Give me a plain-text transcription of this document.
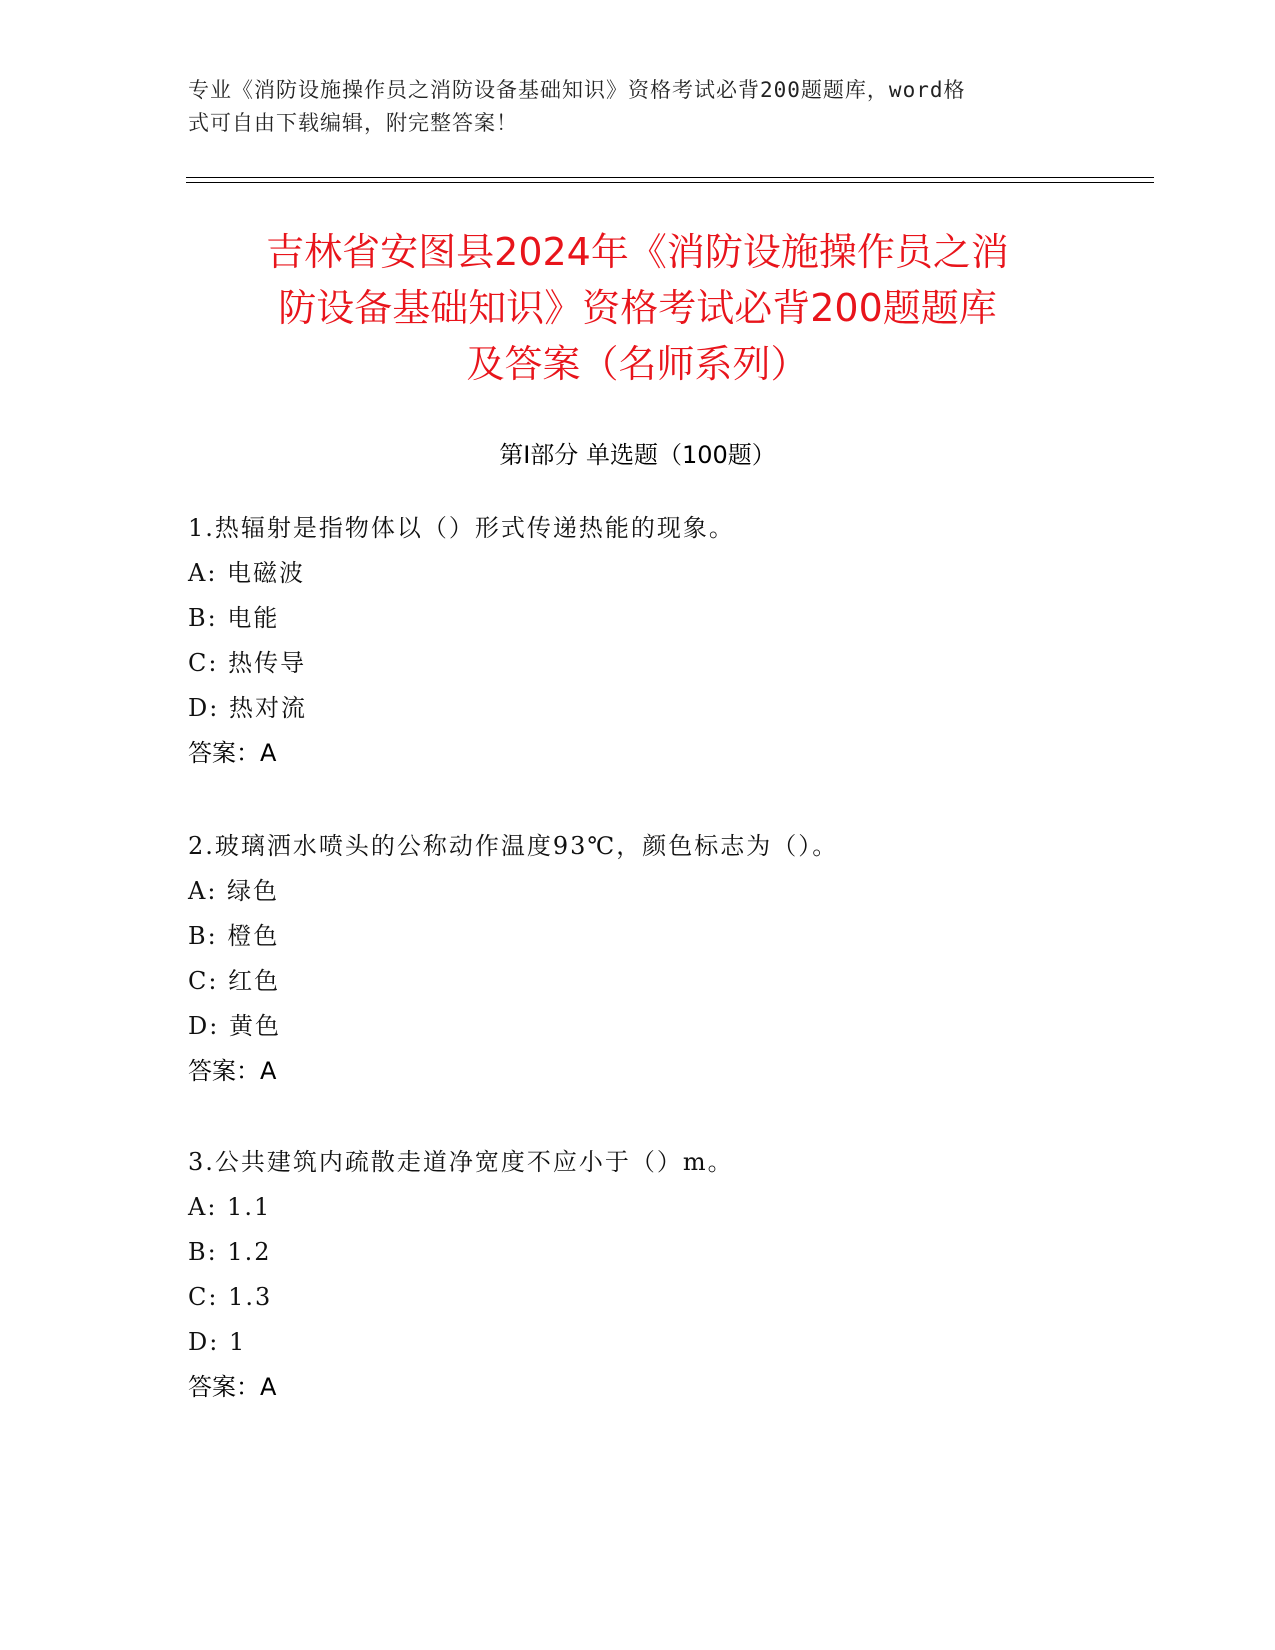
专业《消防设施操作员之消防设备基础知识》资格考试必背200题题库，word格
式可自由下载编辑，附完整答案！
吉林省安图县2024年《消防设施操作员之消
防设备基础知识》资格考试必背200题题库
及答案（名师系列）
第Ⅰ部分 单选题（100题）
1.热辐射是指物体以（）形式传递热能的现象。
A: 电磁波
B: 电能
C: 热传导
D: 热对流
答案：A
2.玻璃洒水喷头的公称动作温度93℃，颜色标志为（）。
A: 绿色
B: 橙色
C: 红色
D: 黄色
答案：A
3.公共建筑内疏散走道净宽度不应小于（）m。
A: 1.1
B: 1.2
C: 1.3
D: 1
答案：A
